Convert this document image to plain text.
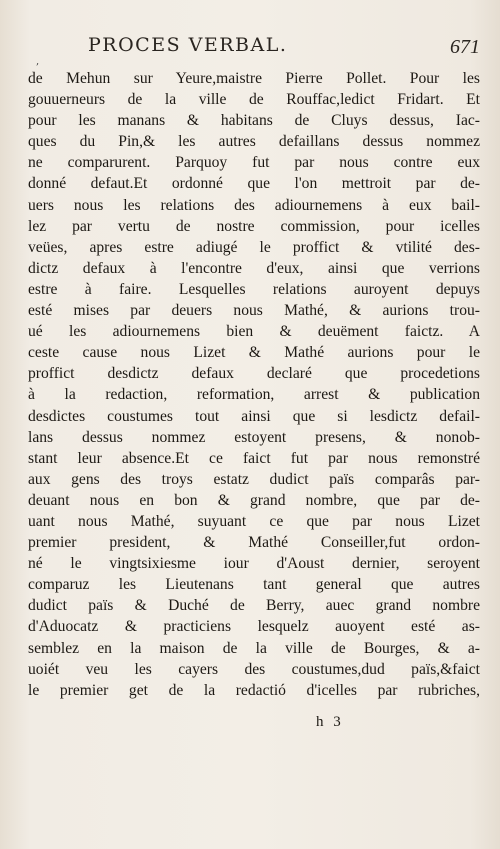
,
PROCES VERBAL.	671
de Mehun sur Yeure,maistre Pierre Pollet. Pour les
gouuerneurs de la ville de Rouffac,ledict Fridart. Et
pour les manans & habitans de Cluys dessus, Iac-
ques du Pin,& les autres defaillans dessus nommez
ne comparurent. Parquoy fut par nous contre eux
donné defaut.Et ordonné que l'on mettroit par de-
uers nous les relations des adiournemens à eux bail-
lez par vertu de nostre commission, pour icelles
veües, apres estre adiugé le proffict & vtilité des-
dictz defaux à l'encontre d'eux, ainsi que verrions
estre à faire. Lesquelles relations auroyent depuys
esté mises par deuers nous Mathé, & aurions trou-
ué les adiournemens bien & deuëment faictz. A
ceste cause nous Lizet & Mathé aurions pour le
proffict desdictz defaux declaré que procedetions
à la redaction, reformation, arrest & publication
desdictes coustumes tout ainsi que si lesdictz defail-
lans dessus nommez estoyent presens, & nonob-
stant leur absence.Et ce faict fut par nous remonstré
aux gens des troys estatz dudict païs comparâs par-
deuant nous en bon & grand nombre, que par de-
uant nous Mathé, suyuant ce que par nous Lizet
premier president, & Mathé Conseiller,fut ordon-
né le vingtsixiesme iour d'Aoust dernier, seroyent
comparuz les Lieutenans tant general que autres
dudict païs & Duché de Berry, auec grand nombre
d'Aduocatz & practiciens lesquelz auoyent esté as-
semblez en la maison de la ville de Bourges, & a-
uoiét veu les cayers des coustumes,dud païs,&faict
le premier get de la redactió d'icelles par rubriches,
h 3
